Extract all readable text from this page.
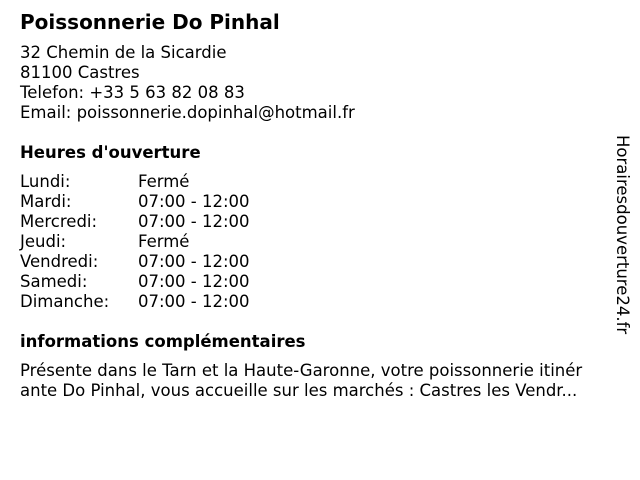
Poissonnerie Do Pinhal
32 Chemin de la Sicardie
81100 Castres
Telefon: +33 5 63 82 08 83
Email: poissonnerie.dopinhal@hotmail.fr
Heures d'ouverture
Lundi:	Fermé
Mardi:	07:00 - 12:00
Mercredi:	07:00 - 12:00
Jeudi:	Fermé
Vendredi:	07:00 - 12:00
Samedi:	07:00 - 12:00
Dimanche:	07:00 - 12:00
informations complémentaires
Présente dans le Tarn et la Haute-Garonne, votre poissonnerie itinér
ante Do Pinhal, vous accueille sur les marchés : Castres les Vendr...
Horairesdouverture24.fr
